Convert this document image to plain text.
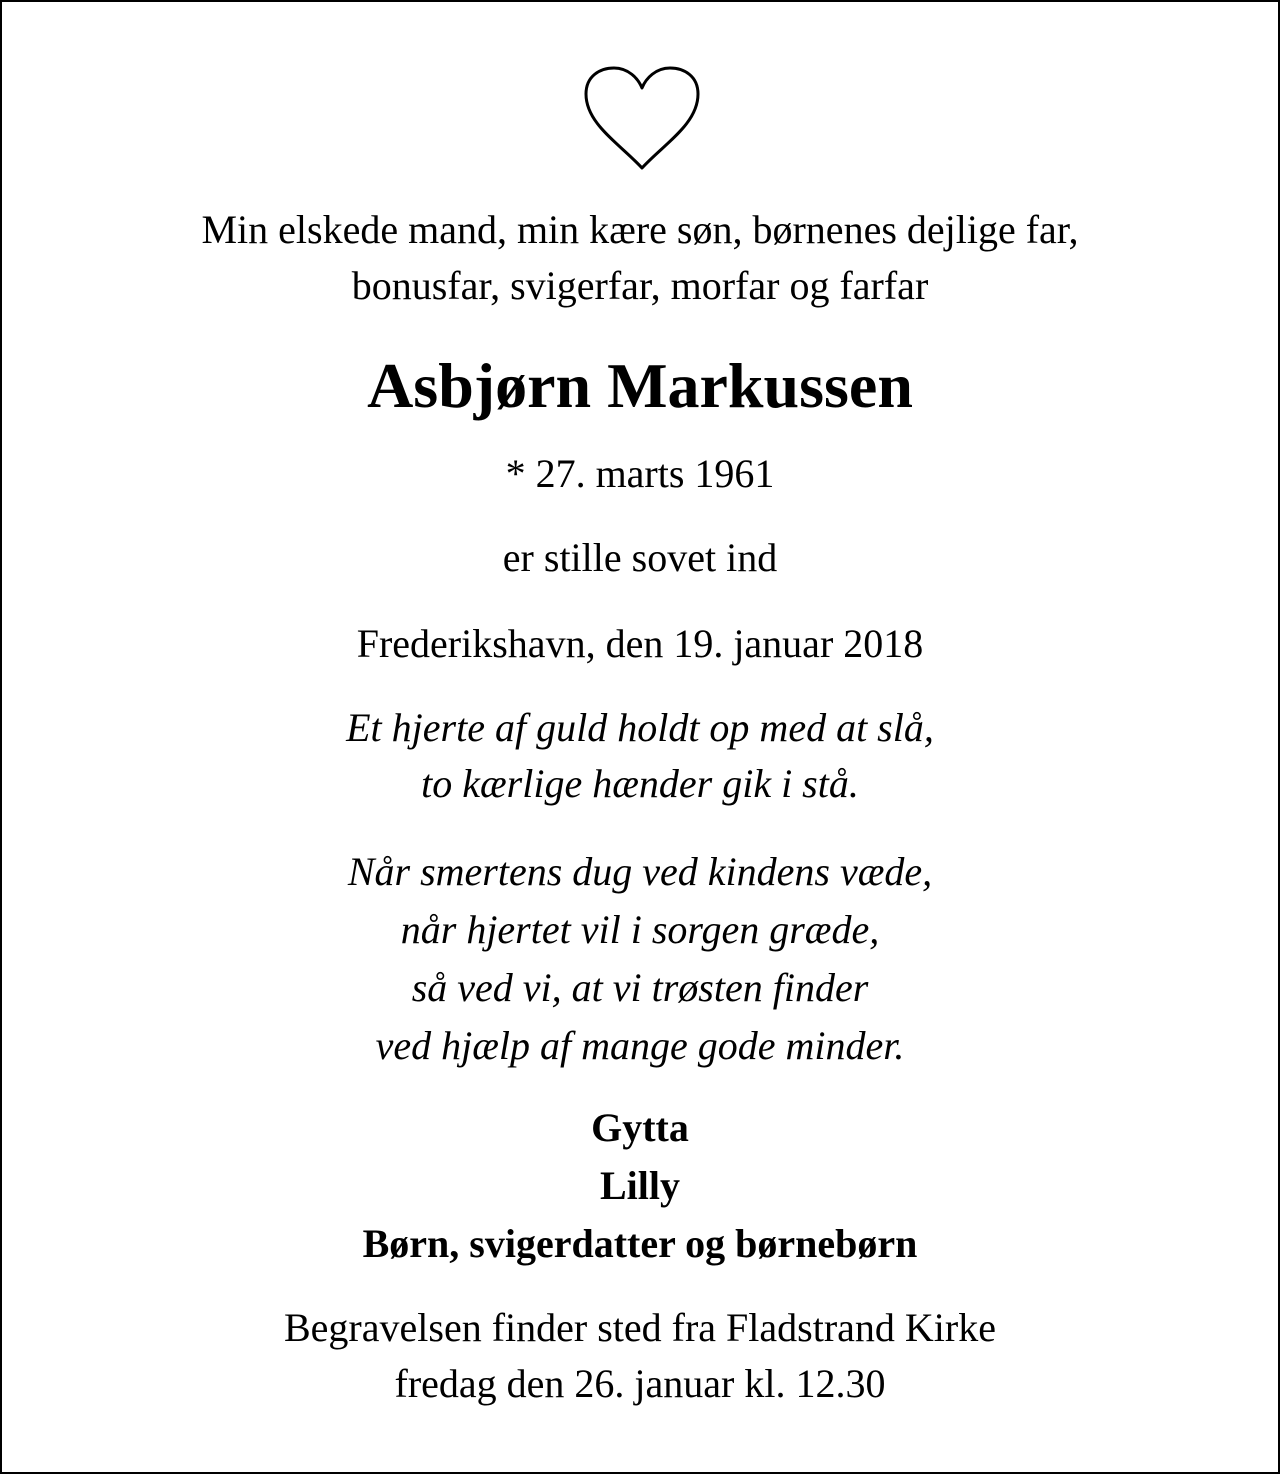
Min elskede mand, min kære søn, børnenes dejlige far,
bonusfar, svigerfar, morfar og farfar
Asbjørn Markussen
* 27. marts 1961
er stille sovet ind
Frederikshavn, den 19. januar 2018
Et hjerte af guld holdt op med at slå,
to kærlige hænder gik i stå.
Når smertens dug ved kindens væde,
når hjertet vil i sorgen græde,
så ved vi, at vi trøsten finder
ved hjælp af mange gode minder.
Gytta
Lilly
Børn, svigerdatter og børnebørn
Begravelsen finder sted fra Fladstrand Kirke
fredag den 26. januar kl. 12.30
